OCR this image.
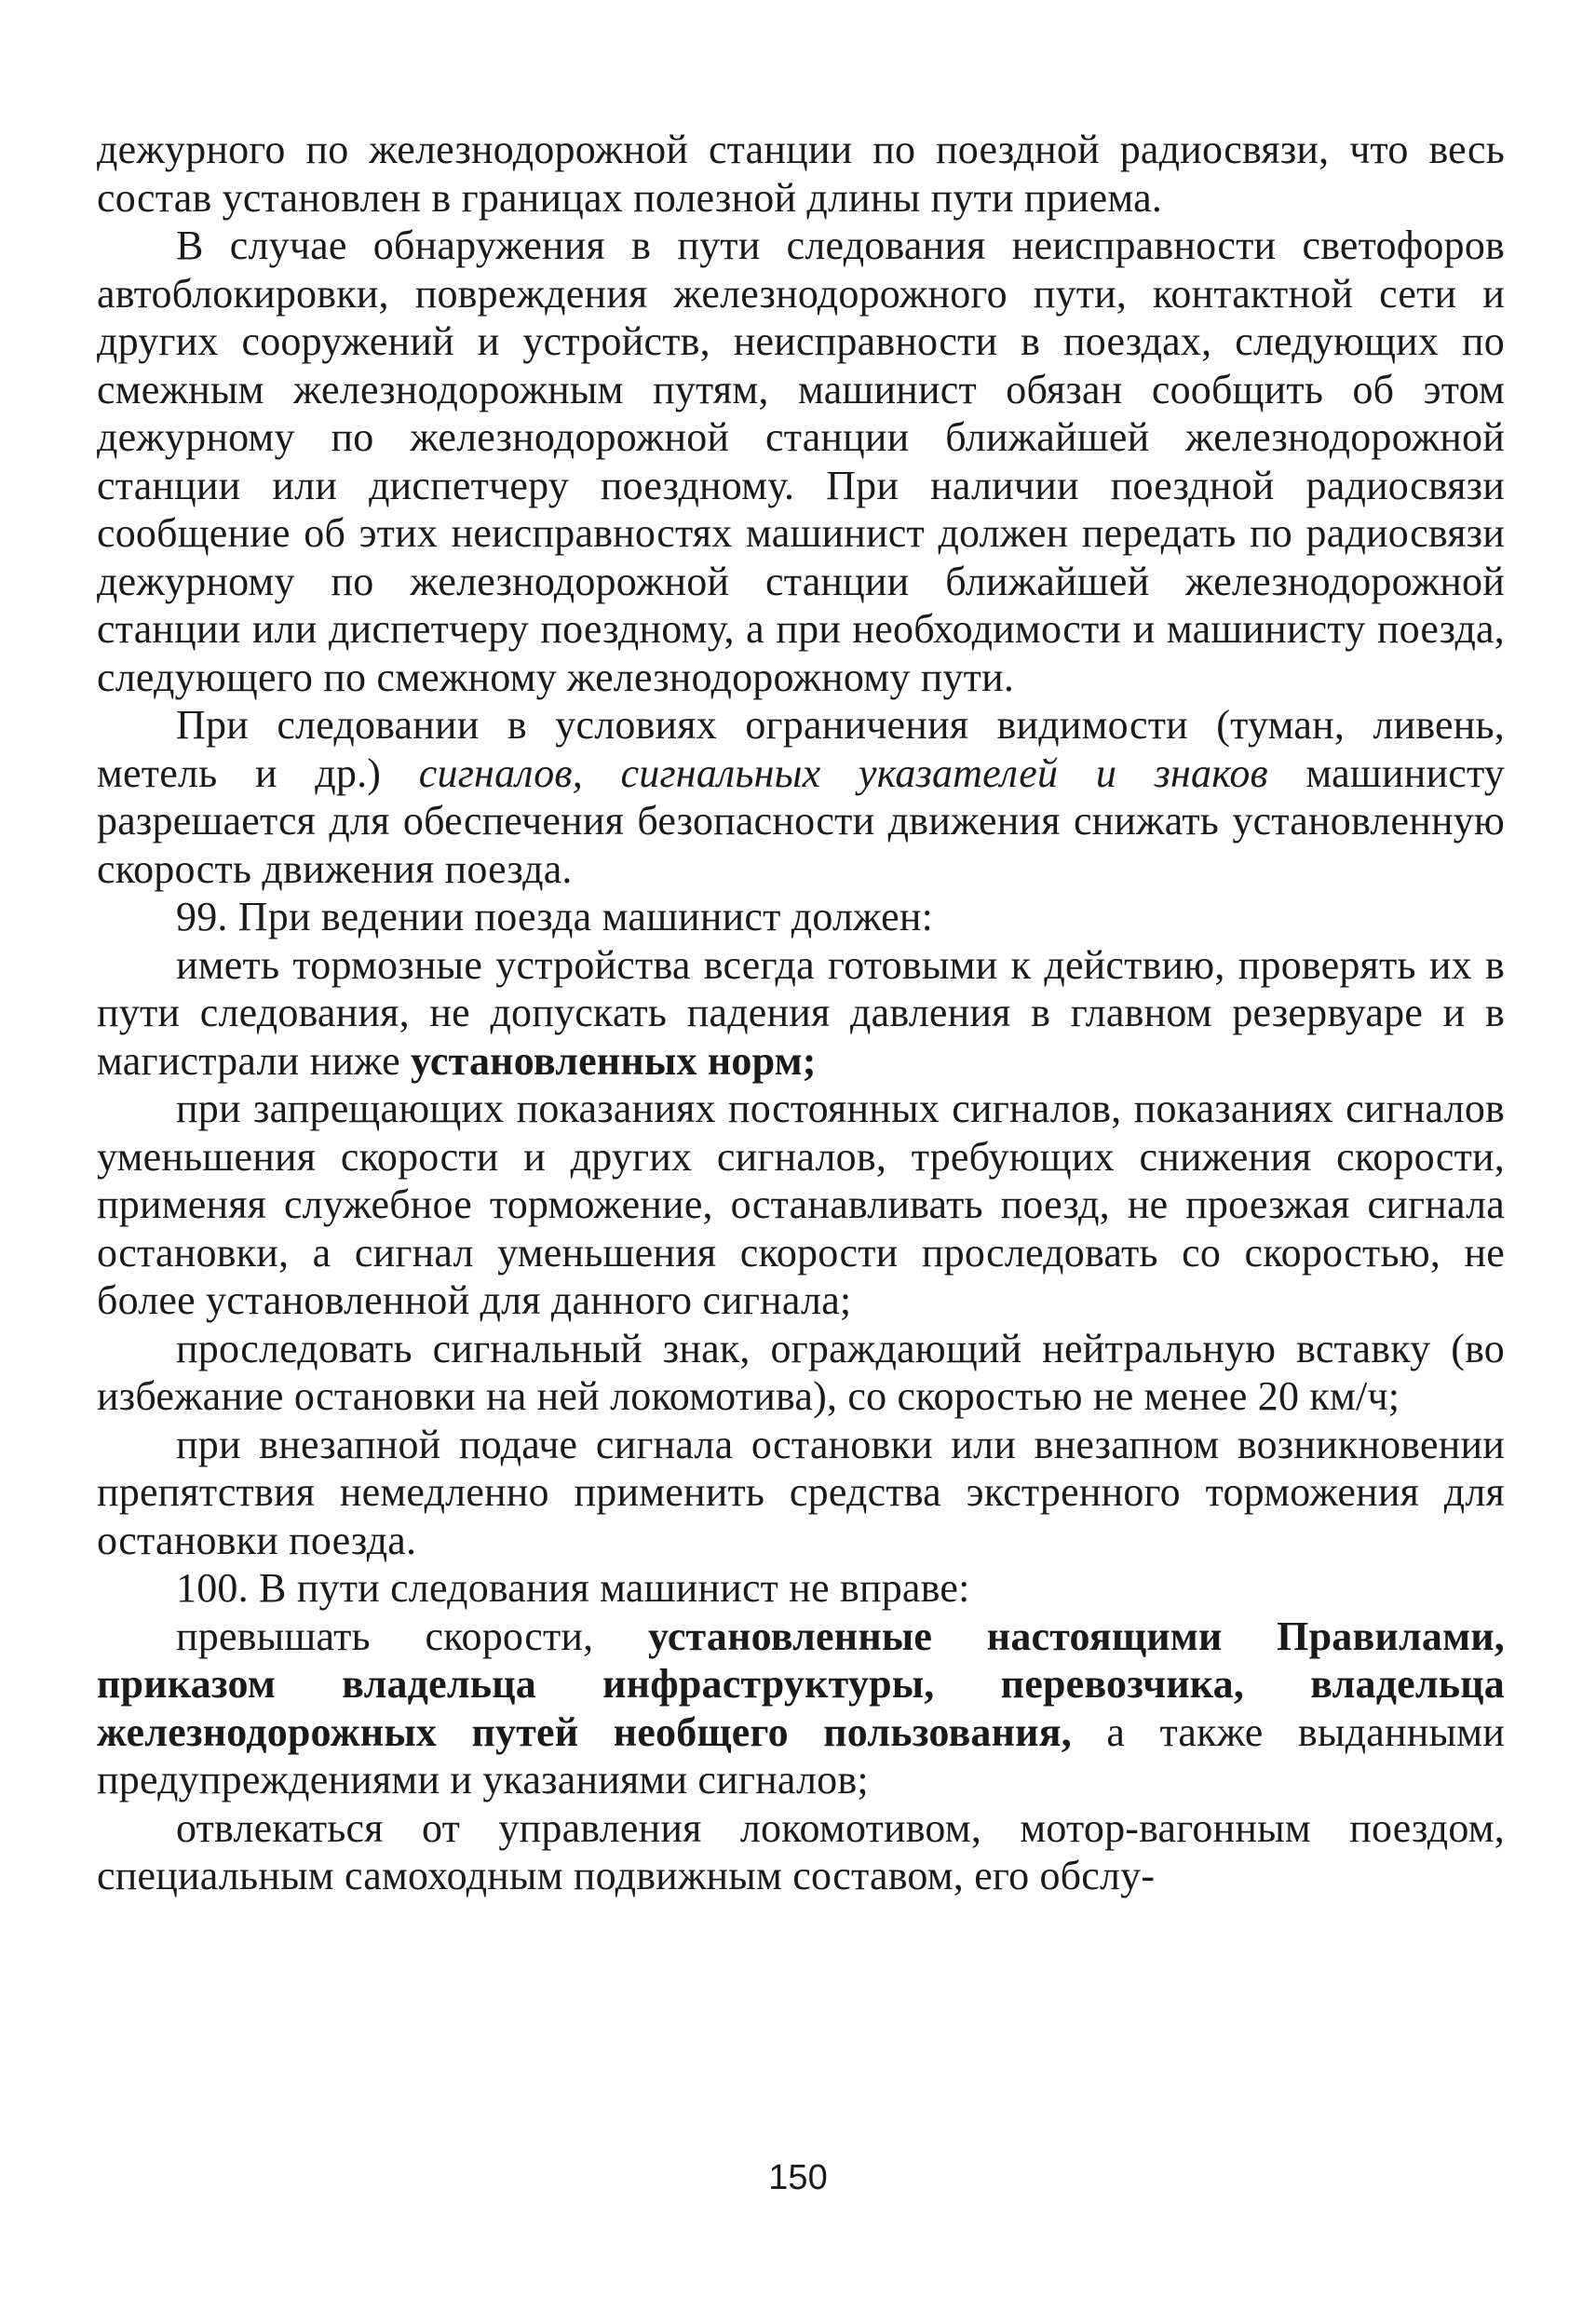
дежурного по железнодорожной станции по поездной радиосвязи, что весь состав установлен в границах полезной длины пути приема.

В случае обнаружения в пути следования неисправности светофоров автоблокировки, повреждения железнодорожного пути, контактной сети и других сооружений и устройств, неисправности в поездах, следующих по смежным железнодорожным путям, машинист обязан сообщить об этом дежурному по железнодорожной станции ближайшей железнодорожной станции или диспетчеру поездному. При наличии поездной радиосвязи сообщение об этих неисправностях машинист должен передать по радиосвязи дежурному по железнодорожной станции ближайшей железнодорожной станции или диспетчеру поездному, а при необходимости и машинисту поезда, следующего по смежному железнодорожному пути.

При следовании в условиях ограничения видимости (туман, ливень, метель и др.) сигналов, сигнальных указателей и знаков машинисту разрешается для обеспечения безопасности движения снижать установленную скорость движения поезда.

99. При ведении поезда машинист должен:

иметь тормозные устройства всегда готовыми к действию, проверять их в пути следования, не допускать падения давления в главном резервуаре и в магистрали ниже установленных норм;

при запрещающих показаниях постоянных сигналов, показаниях сигналов уменьшения скорости и других сигналов, требующих снижения скорости, применяя служебное торможение, останавливать поезд, не проезжая сигнала остановки, а сигнал уменьшения скорости проследовать со скоростью, не более установленной для данного сигнала;

проследовать сигнальный знак, ограждающий нейтральную вставку (во избежание остановки на ней локомотива), со скоростью не менее 20 км/ч;

при внезапной подаче сигнала остановки или внезапном возникновении препятствия немедленно применить средства экстренного торможения для остановки поезда.

100. В пути следования машинист не вправе:

превышать скорости, установленные настоящими Правилами, приказом владельца инфраструктуры, перевозчика, владельца железнодорожных путей необщего пользования, а также выданными предупреждениями и указаниями сигналов;

отвлекаться от управления локомотивом, мотор-вагонным поездом, специальным самоходным подвижным составом, его обслу-

150
